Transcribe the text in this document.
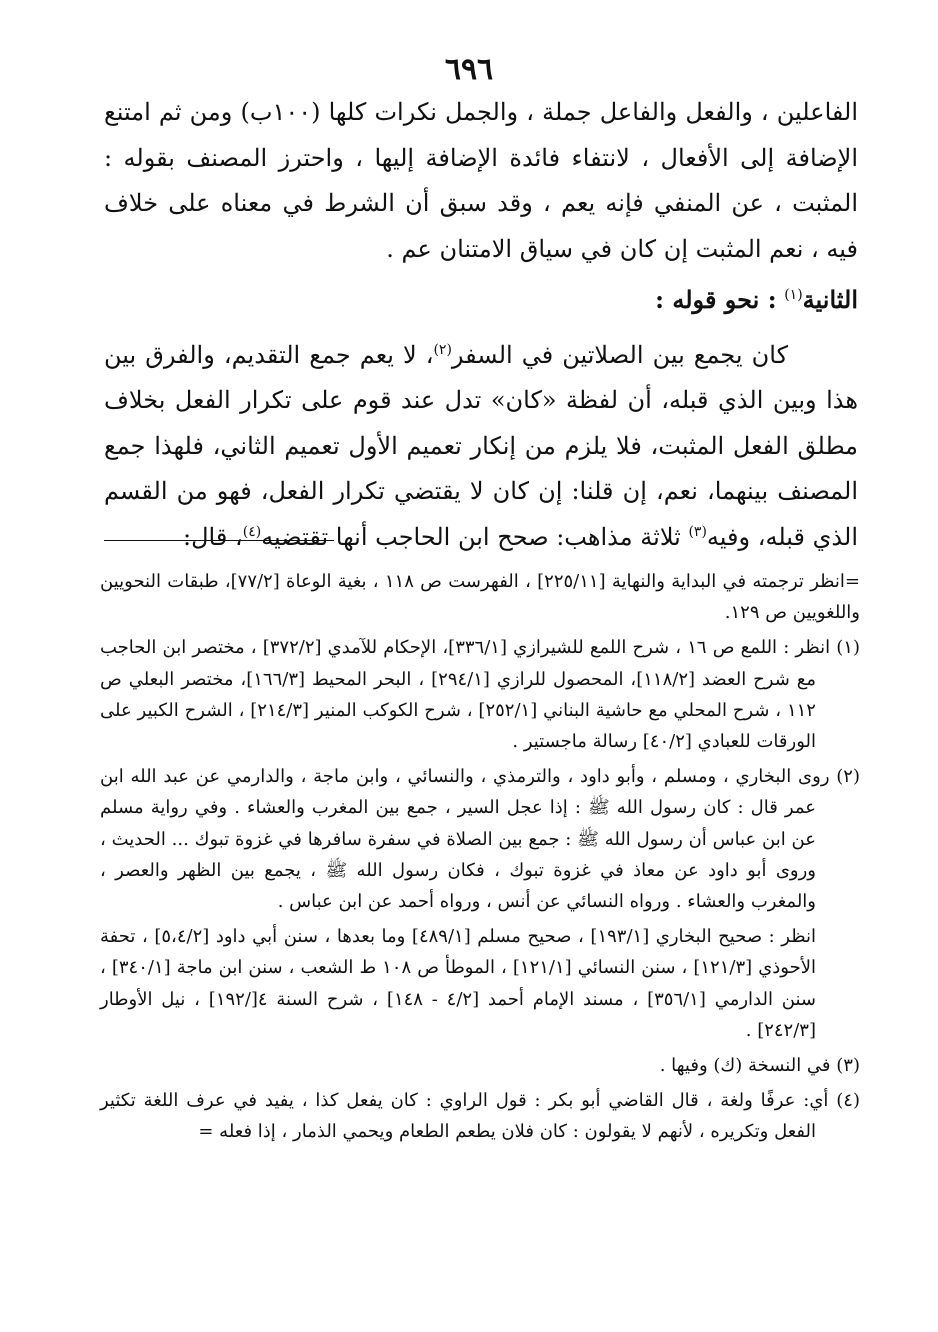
٦٩٦

الفاعلين ، والفعل والفاعل جملة ، والجمل نكرات كلها (١٠٠ب) ومن ثم امتنع الإضافة إلى الأفعال ، لانتفاء فائدة الإضافة إليها ، واحترز المصنف بقوله : المثبت ، عن المنفي فإنه يعم ، وقد سبق أن الشرط في معناه على خلاف فيه ، نعم المثبت إن كان في سياق الامتنان عم .

الثانية$^{(١)}$ : نحو قوله :

كان يجمع بين الصلاتين في السفر$^{(٢)}$، لا يعم جمع التقديم، والفرق بين هذا وبين الذي قبله، أن لفظة «كان» تدل عند قوم على تكرار الفعل بخلاف مطلق الفعل المثبت، فلا يلزم من إنكار تعميم الأول تعميم الثاني، فلهذا جمع المصنف بينهما، نعم، إن قلنا: إن كان لا يقتضي تكرار الفعل، فهو من القسم الذي قبله، وفيه$^{(٣)}$ ثلاثة مذاهب: صحح ابن الحاجب أنها تقتضيه$^{(٤)}$، قال:

=انظر ترجمته في البداية والنهاية [٢٢٥/١١] ، الفهرست ص ١١٨ ، بغية الوعاة [٧٧/٢]، طبقات النحويين واللغويين ص ١٢٩.

(١) انظر : اللمع ص ١٦ ، شرح اللمع للشيرازي [٣٣٦/١]، الإحكام للآمدي [٣٧٢/٢] ، مختصر ابن الحاجب مع شرح العضد [١١٨/٢]، المحصول للرازي [٢٩٤/١] ، البحر المحيط [١٦٦/٣]، مختصر البعلي ص ١١٢ ، شرح المحلي مع حاشية البناني [٢٥٢/١] ، شرح الكوكب المنير [٢١٤/٣] ، الشرح الكبير على الورقات للعبادي [٤٠/٢] رسالة ماجستير .

(٢) روى البخاري ، ومسلم ، وأبو داود ، والترمذي ، والنسائي ، وابن ماجة ، والدارمي عن عبد الله ابن عمر قال : كان رسول الله ﷺ : إذا عجل السير ، جمع بين المغرب والعشاء . وفي رواية مسلم عن ابن عباس أن رسول الله ﷺ : جمع بين الصلاة في سفرة سافرها في غزوة تبوك ... الحديث ، وروى أبو داود عن معاذ في غزوة تبوك ، فكان رسول الله ﷺ ، يجمع بين الظهر والعصر ، والمغرب والعشاء . ورواه النسائي عن أنس ، ورواه أحمد عن ابن عباس .

انظر : صحيح البخاري [١٩٣/١] ، صحيح مسلم [٤٨٩/١] وما بعدها ، سنن أبي داود [٥،٤/٢] ، تحفة الأحوذي [١٢١/٣] ، سنن النسائي [١٢١/١] ، الموطأ ص ١٠٨ ط الشعب ، سنن ابن ماجة [٣٤٠/١] ، سنن الدارمي [٣٥٦/١] ، مسند الإمام أحمد [٤/٢ - ١٤٨] ، شرح السنة ٤[/١٩٢] ، نيل الأوطار [٢٤٢/٣] .

(٣) في النسخة (ك) وفيها .

(٤) أي: عرفًا ولغة ، قال القاضي أبو بكر : قول الراوي : كان يفعل كذا ، يفيد في عرف اللغة تكثير الفعل وتكريره ، لأنهم لا يقولون : كان فلان يطعم الطعام ويحمي الذمار ، إذا فعله =
